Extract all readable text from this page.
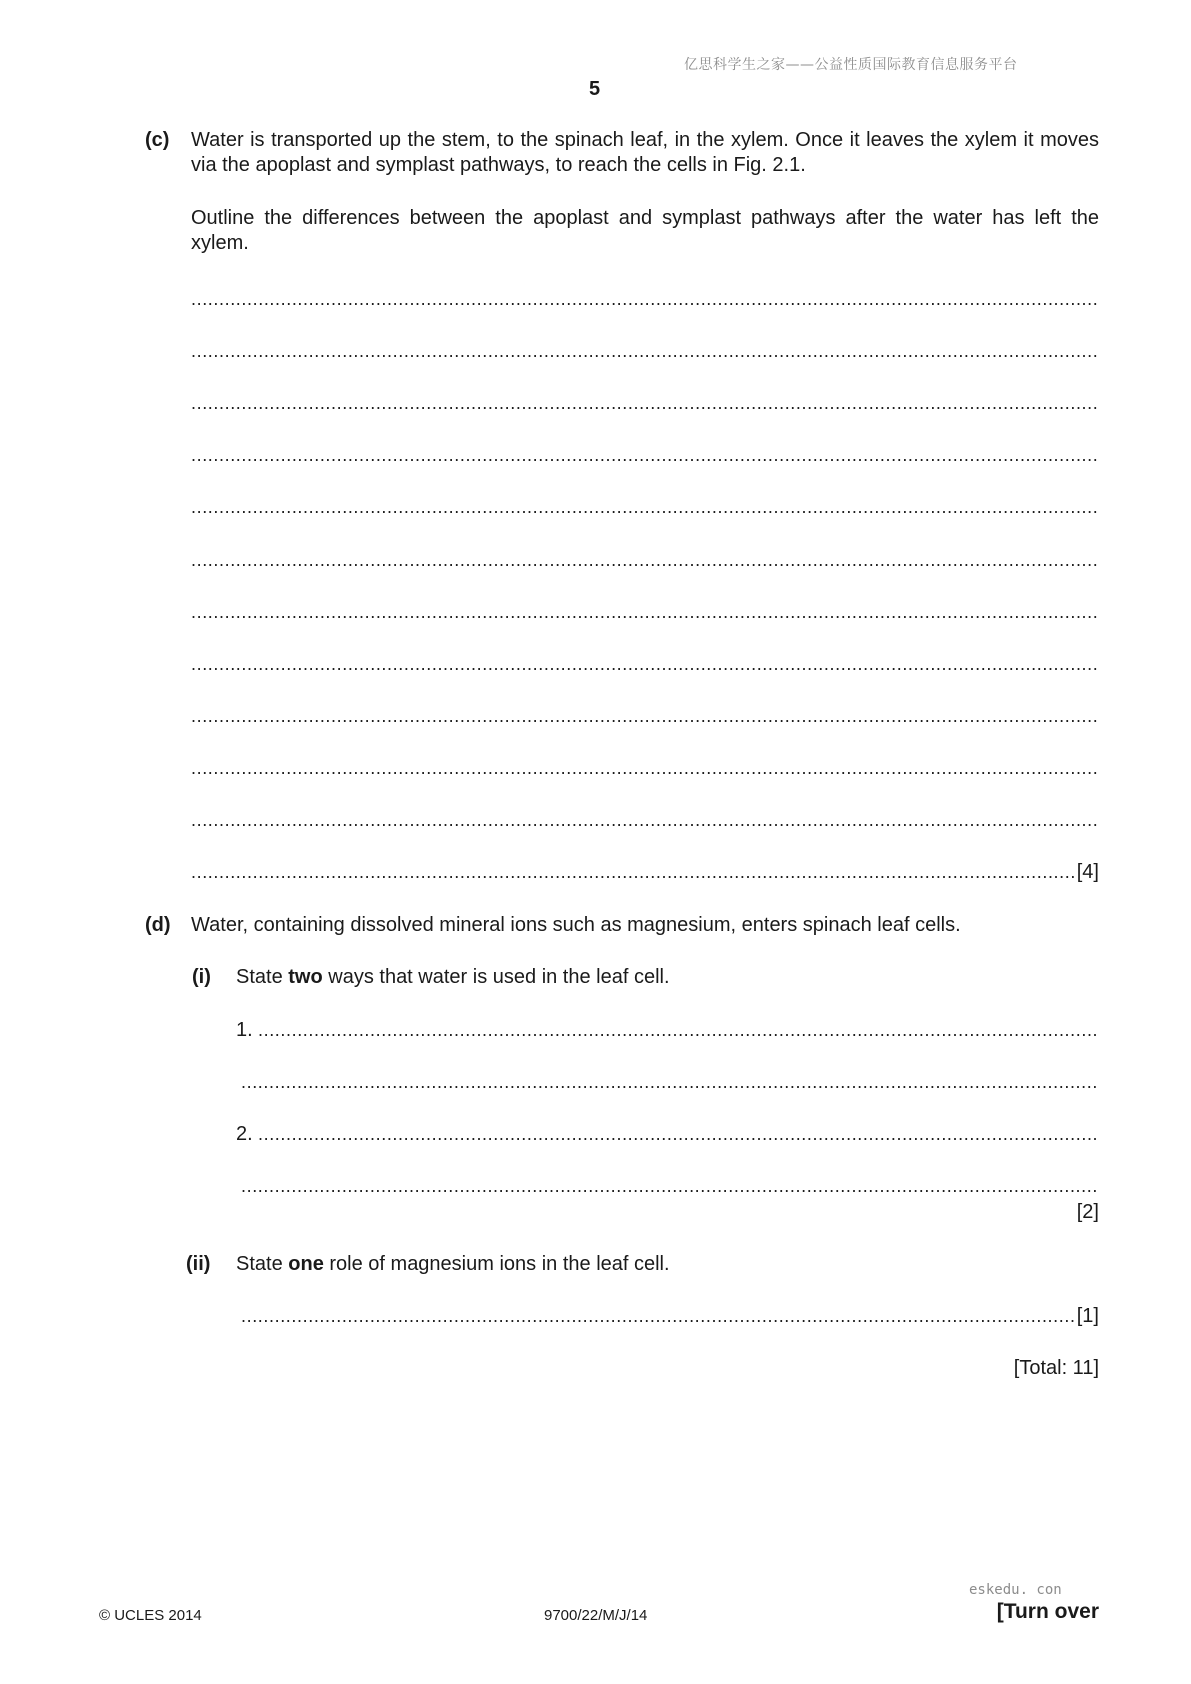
亿思科学生之家——公益性质国际教育信息服务平台
5
(c) Water is transported up the stem, to the spinach leaf, in the xylem. Once it leaves the xylem it moves via the apoplast and symplast pathways, to reach the cells in Fig. 2.1.
Outline the differences between the apoplast and symplast pathways after the water has left the xylem.
.....
.....
.....
.....
.....
.....
.....
.....
.....
.....
.....
.....
[4]
(d) Water, containing dissolved mineral ions such as magnesium, enters spinach leaf cells.
(i) State two ways that water is used in the leaf cell.
1.
.....
.....
2.
.....
.....
[2]
(ii) State one role of magnesium ions in the leaf cell.
.....
[1]
[Total: 11]
eskedu. con
© UCLES 2014	9700/22/M/J/14	[Turn over
